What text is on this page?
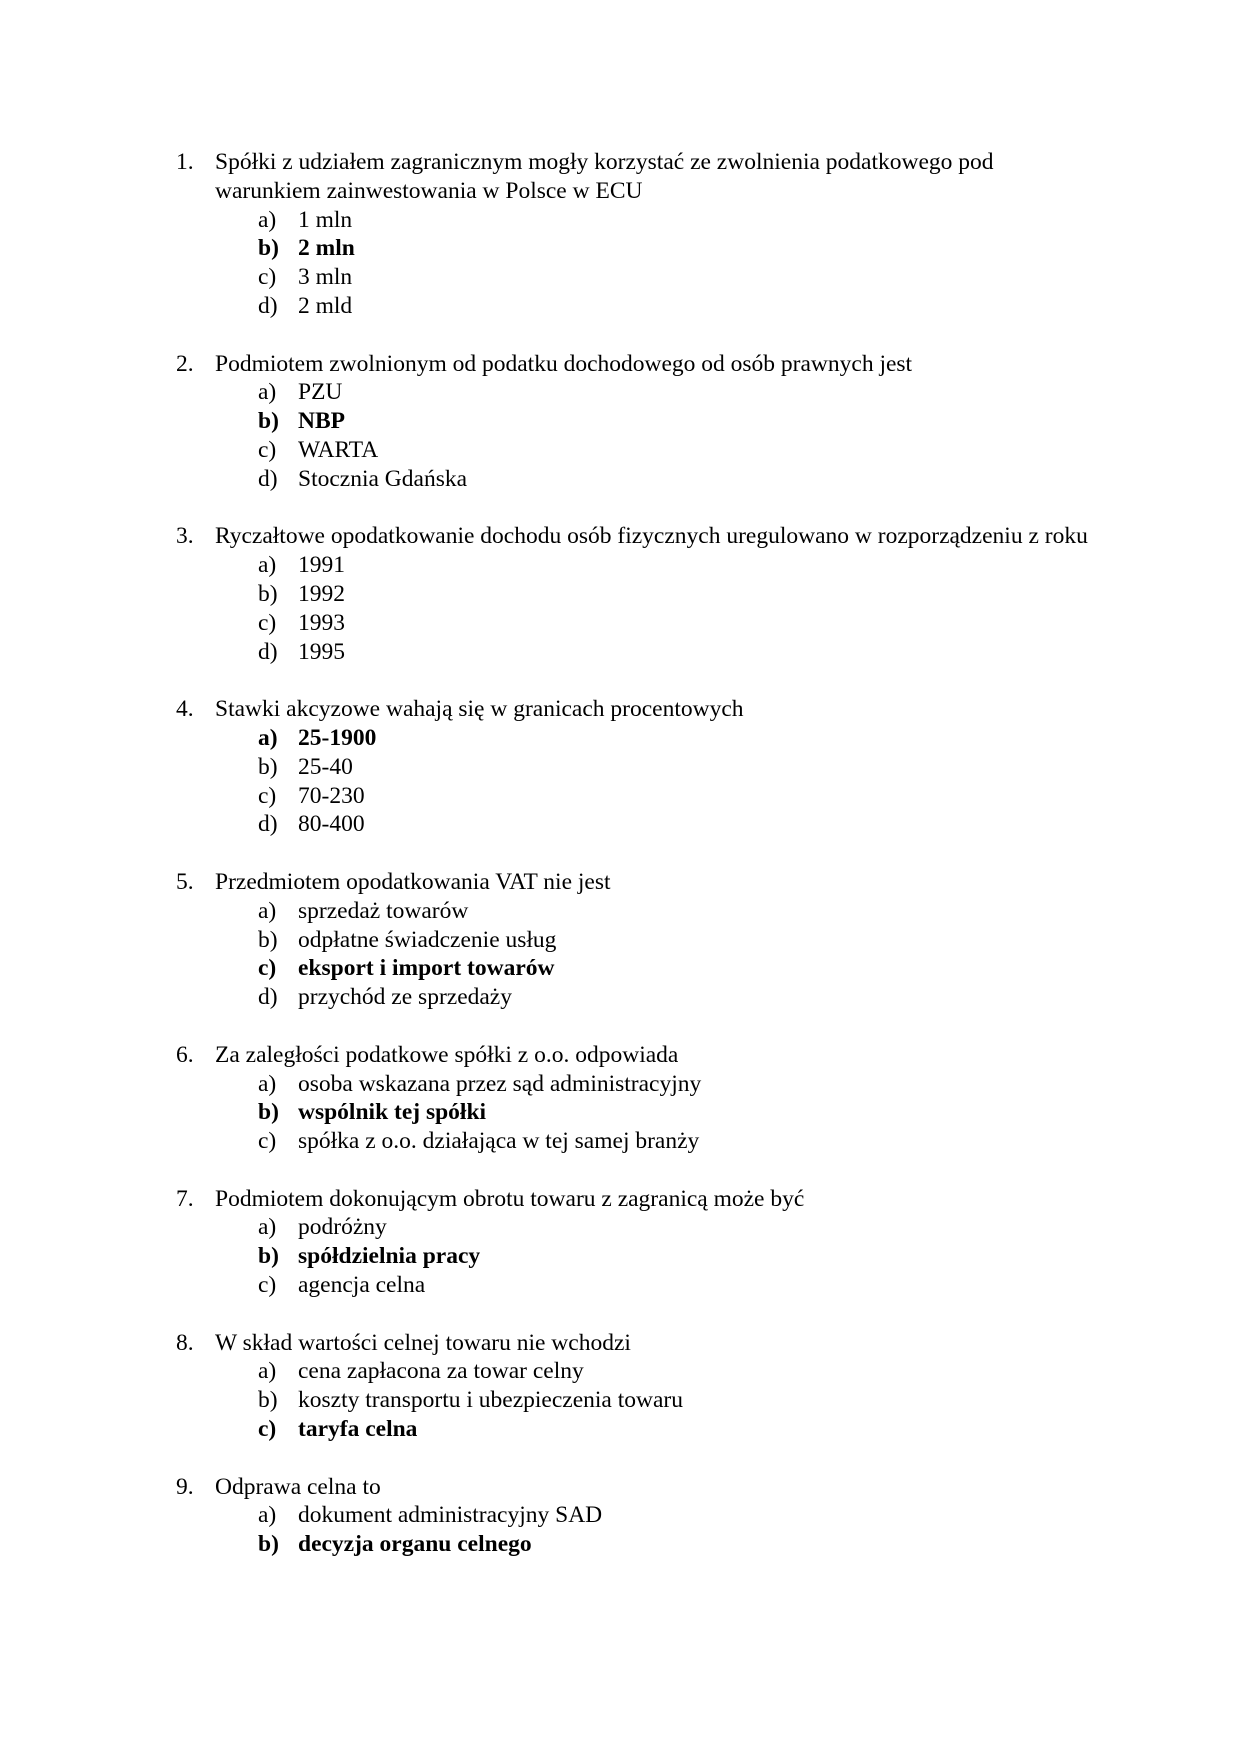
1. Spółki z udziałem zagranicznym mogły korzystać ze zwolnienia podatkowego pod warunkiem zainwestowania w Polsce w ECU
a) 1 mln
b) 2 mln
c) 3 mln
d) 2 mld
2. Podmiotem zwolnionym od podatku dochodowego od osób prawnych jest
a) PZU
b) NBP
c) WARTA
d) Stocznia Gdańska
3. Ryczałtowe opodatkowanie dochodu osób fizycznych uregulowano w rozporządzeniu z roku
a) 1991
b) 1992
c) 1993
d) 1995
4. Stawki akcyzowe wahają się w granicach procentowych
a) 25-1900
b) 25-40
c) 70-230
d) 80-400
5. Przedmiotem opodatkowania VAT nie jest
a) sprzedaż towarów
b) odpłatne świadczenie usług
c) eksport i import towarów
d) przychód ze sprzedaży
6. Za zaległości podatkowe spółki z o.o. odpowiada
a) osoba wskazana przez sąd administracyjny
b) wspólnik tej spółki
c) spółka z o.o. działająca w tej samej branży
7. Podmiotem dokonującym obrotu towaru z zagranicą może być
a) podróżny
b) spółdzielnia pracy
c) agencja celna
8. W skład wartości celnej towaru nie wchodzi
a) cena zapłacona za towar celny
b) koszty transportu i ubezpieczenia towaru
c) taryfa celna
9. Odprawa celna to
a) dokument administracyjny SAD
b) decyzja organu celnego
